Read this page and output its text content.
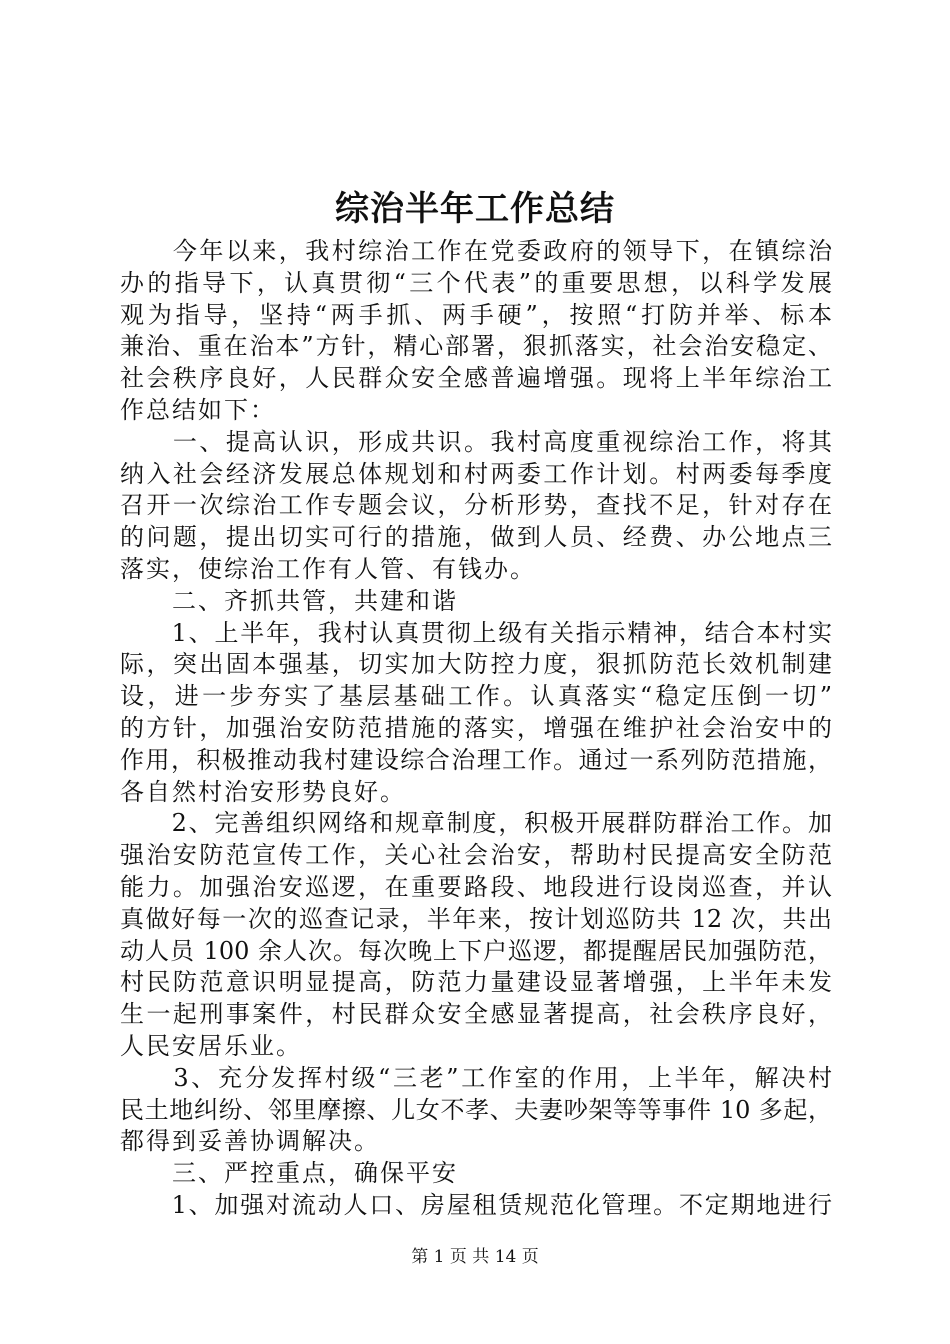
综治半年工作总结
　　今年以来，我村综治工作在党委政府的领导下，在镇综治
办的指导下，认真贯彻“三个代表”的重要思想，以科学发展
观为指导，坚持“两手抓、两手硬”，按照“打防并举、标本
兼治、重在治本”方针，精心部署，狠抓落实，社会治安稳定、
社会秩序良好，人民群众安全感普遍增强。现将上半年综治工
作总结如下：
　　一、提高认识，形成共识。我村高度重视综治工作，将其
纳入社会经济发展总体规划和村两委工作计划。村两委每季度
召开一次综治工作专题会议，分析形势，查找不足，针对存在
的问题，提出切实可行的措施，做到人员、经费、办公地点三
落实，使综治工作有人管、有钱办。
　　二、齐抓共管，共建和谐
　　1、上半年，我村认真贯彻上级有关指示精神，结合本村实
际，突出固本强基，切实加大防控力度，狠抓防范长效机制建
设，进一步夯实了基层基础工作。认真落实“稳定压倒一切”
的方针，加强治安防范措施的落实，增强在维护社会治安中的
作用，积极推动我村建设综合治理工作。通过一系列防范措施，
各自然村治安形势良好。
　　2、完善组织网络和规章制度，积极开展群防群治工作。加
强治安防范宣传工作，关心社会治安，帮助村民提高安全防范
能力。加强治安巡逻，在重要路段、地段进行设岗巡查，并认
真做好每一次的巡查记录，半年来，按计划巡防共 12 次，共出
动人员 100 余人次。每次晚上下户巡逻，都提醒居民加强防范，
村民防范意识明显提高，防范力量建设显著增强，上半年未发
生一起刑事案件，村民群众安全感显著提高，社会秩序良好，
人民安居乐业。
　　3、充分发挥村级“三老”工作室的作用，上半年，解决村
民土地纠纷、邻里摩擦、儿女不孝、夫妻吵架等等事件 10 多起，
都得到妥善协调解决。
　　三、严控重点，确保平安
　　1、加强对流动人口、房屋租赁规范化管理。不定期地进行
第 1 页 共 14 页
